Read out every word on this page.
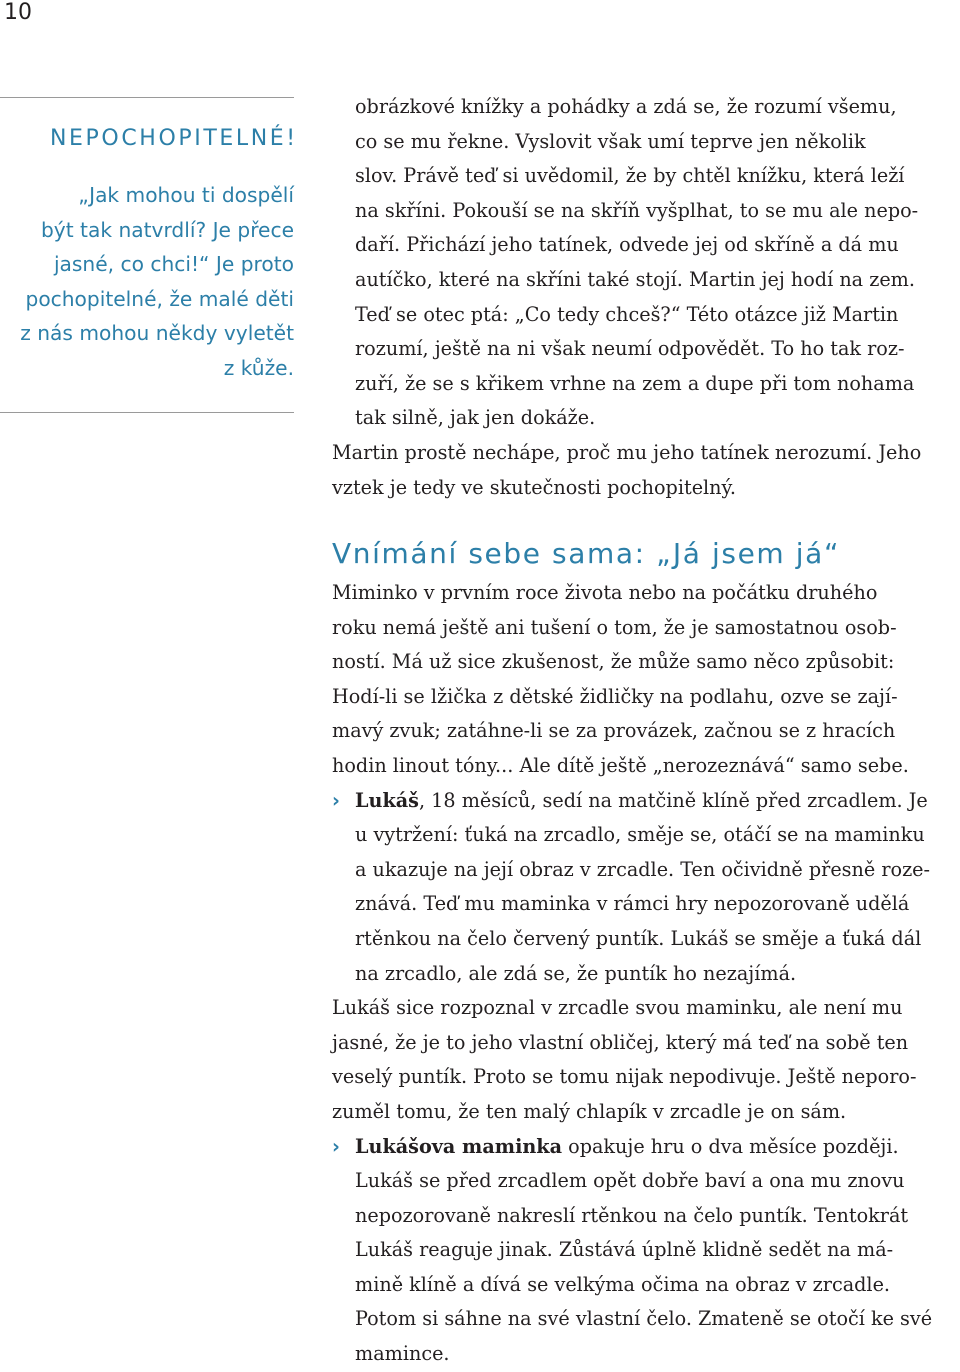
10
NEPOCHOPITELNÉ!
„Jak mohou ti dospělí
být tak natvrdlí? Je přece
jasné, co chci!“ Je proto
pochopitelné, že malé děti
z nás mohou někdy vyletět
z kůže.
obrázkové knížky a pohádky a zdá se, že rozumí všemu,
co se mu řekne. Vyslovit však umí teprve jen několik
slov. Právě teď si uvědomil, že by chtěl knížku, která leží
na skříni. Pokouší se na skříň vyšplhat, to se mu ale nepo-
daří. Přichází jeho tatínek, odvede jej od skříně a dá mu
autíčko, které na skříni také stojí. Martin jej hodí na zem.
Teď se otec ptá: „Co tedy chceš?“ Této otázce již Martin
rozumí, ještě na ni však neumí odpovědět. To ho tak roz-
zuří, že se s křikem vrhne na zem a dupe při tom nohama
tak silně, jak jen dokáže.
Martin prostě nechápe, proč mu jeho tatínek nerozumí. Jeho
vztek je tedy ve skutečnosti pochopitelný.
Vnímání sebe sama: „Já jsem já“
Miminko v prvním roce života nebo na počátku druhého
roku nemá ještě ani tušení o tom, že je samostatnou osob-
ností. Má už sice zkušenost, že může samo něco způsobit:
Hodí-li se lžička z dětské židličky na podlahu, ozve se zají-
mavý zvuk; zatáhne-li se za provázek, začnou se z hracích
hodin linout tóny... Ale dítě ještě „nerozeznává“ samo sebe.
› Lukáš, 18 měsíců, sedí na matčině klíně před zrcadlem. Je
u vytržení: ťuká na zrcadlo, směje se, otáčí se na maminku
a ukazuje na její obraz v zrcadle. Ten očividně přesně roze-
znává. Teď mu maminka v rámci hry nepozorovaně udělá
rtěnkou na čelo červený puntík. Lukáš se směje a ťuká dál
na zrcadlo, ale zdá se, že puntík ho nezajímá.
Lukáš sice rozpoznal v zrcadle svou maminku, ale není mu
jasné, že je to jeho vlastní obličej, který má teď na sobě ten
veselý puntík. Proto se tomu nijak nepodivuje. Ještě neporo-
zuměl tomu, že ten malý chlapík v zrcadle je on sám.
› Lukášova maminka opakuje hru o dva měsíce později.
Lukáš se před zrcadlem opět dobře baví a ona mu znovu
nepozorovaně nakreslí rtěnkou na čelo puntík. Tentokrát
Lukáš reaguje jinak. Zůstává úplně klidně sedět na má-
mině klíně a dívá se velkýma očima na obraz v zrcadle.
Potom si sáhne na své vlastní čelo. Zmateně se otočí ke své
mamince.
